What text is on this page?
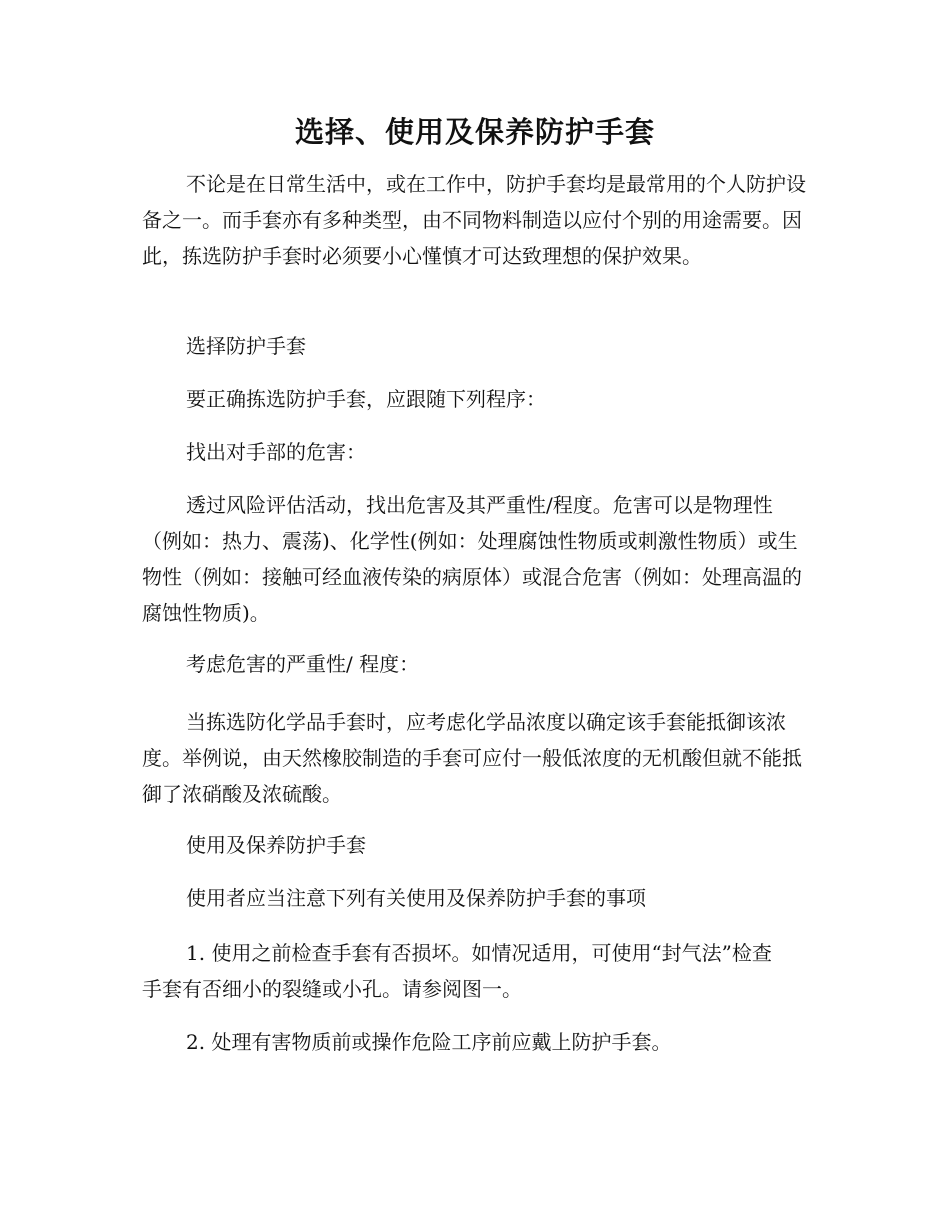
选择、使用及保养防护手套

不论是在日常生活中，或在工作中，防护手套均是最常用的个人防护设备之一。而手套亦有多种类型，由不同物料制造以应付个别的用途需要。因此，拣选防护手套时必须要小心慬慎才可达致理想的保护效果。

选择防护手套

要正确拣选防护手套，应跟随下列程序：

找出对手部的危害：

透过风险评估活动，找出危害及其严重性/程度。危害可以是物理性（例如：热力、震荡)、化学性(例如：处理腐蚀性物质或刺激性物质）或生物性（例如：接触可经血液传染的病原体）或混合危害（例如：处理高温的腐蚀性物质)。

考虑危害的严重性/ 程度：

当拣选防化学品手套时，应考虑化学品浓度以确定该手套能抵御该浓度。举例说，由天然橡胶制造的手套可应付一般低浓度的无机酸但就不能抵御了浓硝酸及浓硫酸。

使用及保养防护手套

使用者应当注意下列有关使用及保养防护手套的事项

1. 使用之前检查手套有否损坏。如情况适用，可使用“封气法”检查手套有否细小的裂缝或小孔。请参阅图一。

2. 处理有害物质前或操作危险工序前应戴上防护手套。
